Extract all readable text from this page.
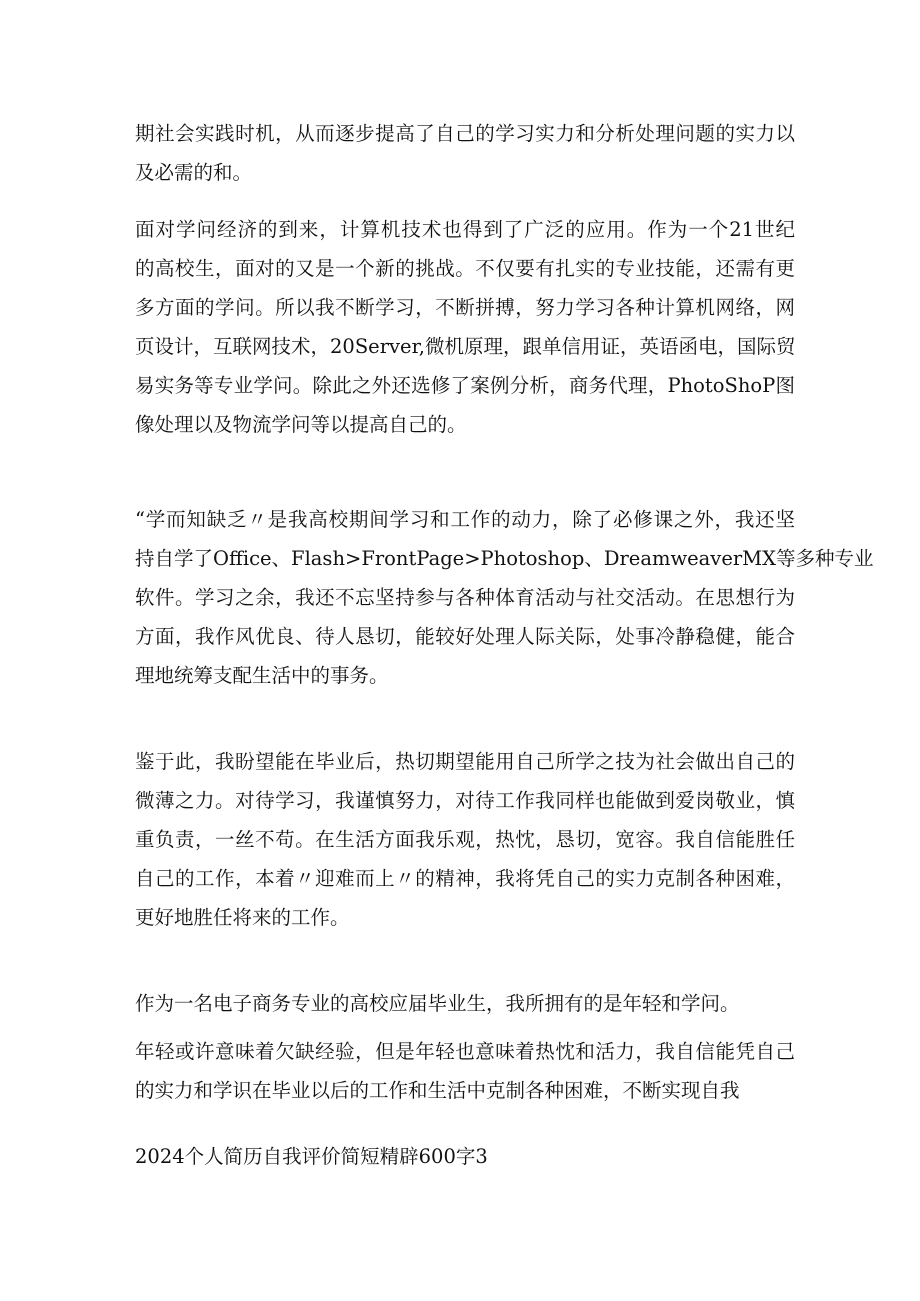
期社会实践时机，从而逐步提高了自己的学习实力和分析处理问题的实力以
及必需的和。
面对学问经济的到来，计算机技术也得到了广泛的应用。作为一个21世纪
的高校生，面对的又是一个新的挑战。不仅要有扎实的专业技能，还需有更
多方面的学问。所以我不断学习，不断拼搏，努力学习各种计算机网络，网
页设计，互联网技术，20Server,微机原理，跟单信用证，英语函电，国际贸
易实务等专业学问。除此之外还选修了案例分析，商务代理，PhotoShoP图
像处理以及物流学问等以提高自己的。
“学而知缺乏〃是我高校期间学习和工作的动力，除了必修课之外，我还坚
持自学了Office、Flash>FrontPage>Photoshop、DreamweaverMX等多种专业
软件。学习之余，我还不忘坚持参与各种体育活动与社交活动。在思想行为
方面，我作风优良、待人恳切，能较好处理人际关际，处事冷静稳健，能合
理地统筹支配生活中的事务。
鉴于此，我盼望能在毕业后，热切期望能用自己所学之技为社会做出自己的
微薄之力。对待学习，我谨慎努力，对待工作我同样也能做到爱岗敬业，慎
重负责，一丝不苟。在生活方面我乐观，热忱，恳切，宽容。我自信能胜任
自己的工作，本着〃迎难而上〃的精神，我将凭自己的实力克制各种困难，
更好地胜任将来的工作。
作为一名电子商务专业的高校应届毕业生，我所拥有的是年轻和学问。
年轻或许意味着欠缺经验，但是年轻也意味着热忱和活力，我自信能凭自己
的实力和学识在毕业以后的工作和生活中克制各种困难，不断实现自我
2024个人简历自我评价简短精辟600字3
